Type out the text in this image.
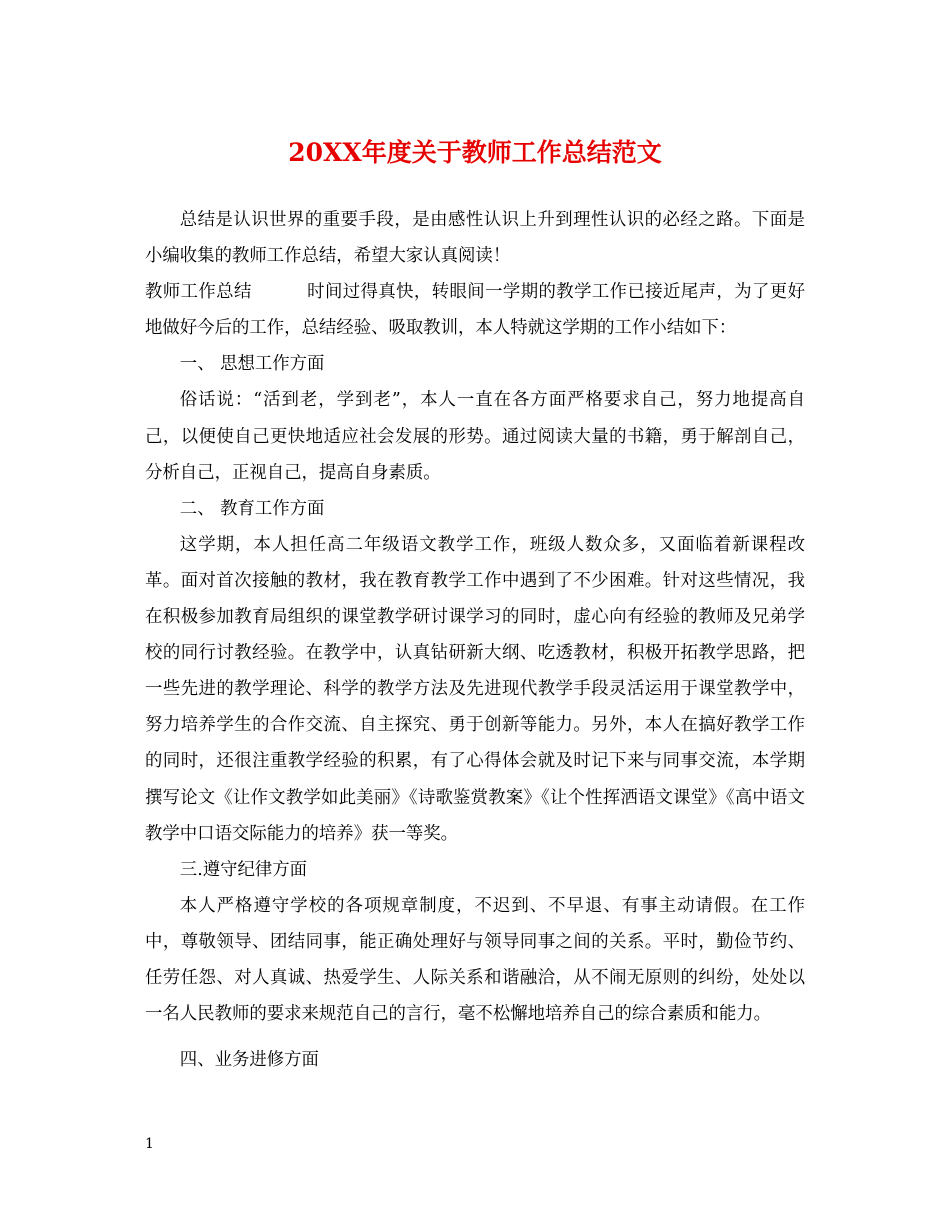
20XX年度关于教师工作总结范文

总结是认识世界的重要手段，是由感性认识上升到理性认识的必经之路。下面是小编收集的教师工作总结，希望大家认真阅读！

教师工作总结	时间过得真快，转眼间一学期的教学工作已接近尾声，为了更好地做好今后的工作，总结经验、吸取教训，本人特就这学期的工作小结如下：

一、 思想工作方面

俗话说：“活到老，学到老”，本人一直在各方面严格要求自己，努力地提高自己，以便使自己更快地适应社会发展的形势。通过阅读大量的书籍，勇于解剖自己，分析自己，正视自己，提高自身素质。

二、 教育工作方面

这学期，本人担任高二年级语文教学工作，班级人数众多，又面临着新课程改革。面对首次接触的教材，我在教育教学工作中遇到了不少困难。针对这些情况，我在积极参加教育局组织的课堂教学研讨课学习的同时，虚心向有经验的教师及兄弟学校的同行讨教经验。在教学中，认真钻研新大纲、吃透教材，积极开拓教学思路，把一些先进的教学理论、科学的教学方法及先进现代教学手段灵活运用于课堂教学中，努力培养学生的合作交流、自主探究、勇于创新等能力。另外，本人在搞好教学工作的同时，还很注重教学经验的积累，有了心得体会就及时记下来与同事交流，本学期撰写论文《让作文教学如此美丽》《诗歌鉴赏教案》《让个性挥洒语文课堂》《高中语文教学中口语交际能力的培养》获一等奖。

三.遵守纪律方面

本人严格遵守学校的各项规章制度，不迟到、不早退、有事主动请假。在工作中，尊敬领导、团结同事，能正确处理好与领导同事之间的关系。平时，勤俭节约、任劳任怨、对人真诚、热爱学生、人际关系和谐融洽，从不闹无原则的纠纷，处处以一名人民教师的要求来规范自己的言行，毫不松懈地培养自己的综合素质和能力。

四、业务进修方面

1
